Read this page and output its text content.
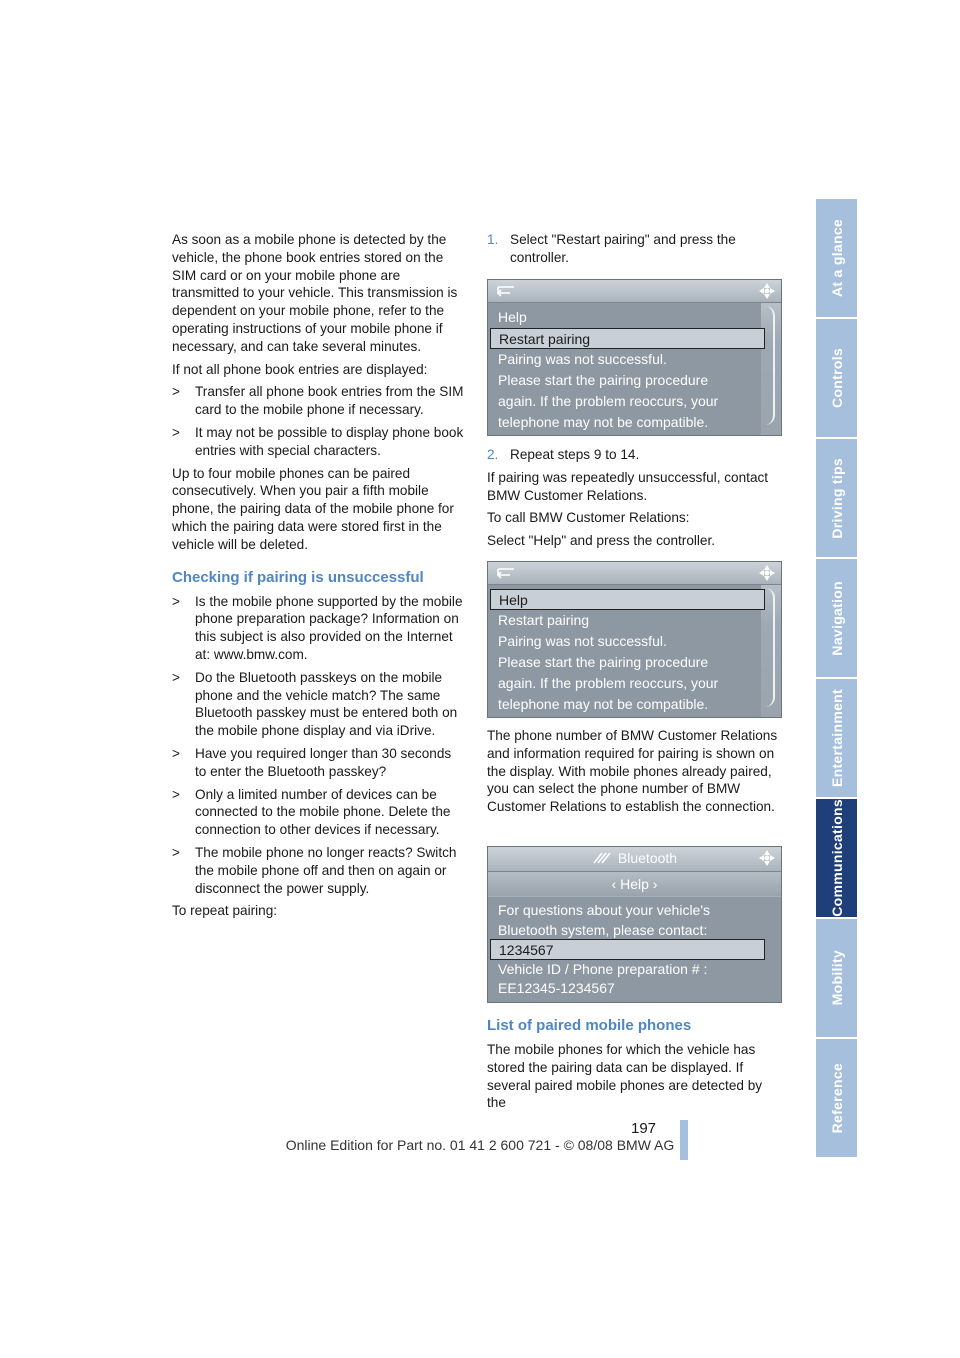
As soon as a mobile phone is detected by the vehicle, the phone book entries stored on the SIM card or on your mobile phone are transmitted to your vehicle. This transmission is dependent on your mobile phone, refer to the operating instructions of your mobile phone if necessary, and can take several minutes.

If not all phone book entries are displayed:

>	Transfer all phone book entries from the SIM card to the mobile phone if necessary.
>	It may not be possible to display phone book entries with special characters.

Up to four mobile phones can be paired consecutively. When you pair a fifth mobile phone, the pairing data of the mobile phone for which the pairing data were stored first in the vehicle will be deleted.

Checking if pairing is unsuccessful
>	Is the mobile phone supported by the mobile phone preparation package? Information on this subject is also provided on the Internet at: www.bmw.com.
>	Do the Bluetooth passkeys on the mobile phone and the vehicle match? The same Bluetooth passkey must be entered both on the mobile phone display and via iDrive.
>	Have you required longer than 30 seconds to enter the Bluetooth passkey?
>	Only a limited number of devices can be connected to the mobile phone. Delete the connection to other devices if necessary.
>	The mobile phone no longer reacts? Switch the mobile phone off and then on again or disconnect the power supply.

To repeat pairing:

1. Select "Restart pairing" and press the controller.
Help
Restart pairing
Pairing was not successful.
Please start the pairing procedure
again. If the problem reoccurs, your
telephone may not be compatible.
2. Repeat steps 9 to 14.

If pairing was repeatedly unsuccessful, contact BMW Customer Relations.

To call BMW Customer Relations:

Select "Help" and press the controller.

Help
Restart pairing
Pairing was not successful.
Please start the pairing procedure
again. If the problem reoccurs, your
telephone may not be compatible.
The phone number of BMW Customer Relations and information required for pairing is shown on the display. With mobile phones already paired, you can select the phone number of BMW Customer Relations to establish the connection.
Bluetooth
‹ Help ›
For questions about your vehicle's
Bluetooth system, please contact:
1234567
Vehicle ID / Phone preparation # :
EE12345-1234567
List of paired mobile phones

The mobile phones for which the vehicle has stored the pairing data can be displayed. If several paired mobile phones are detected by the

At a glance
Controls
Driving tips
Navigation
Entertainment
Communications
Mobility
Reference
197
Online Edition for Part no. 01 41 2 600 721 - © 08/08 BMW AG
